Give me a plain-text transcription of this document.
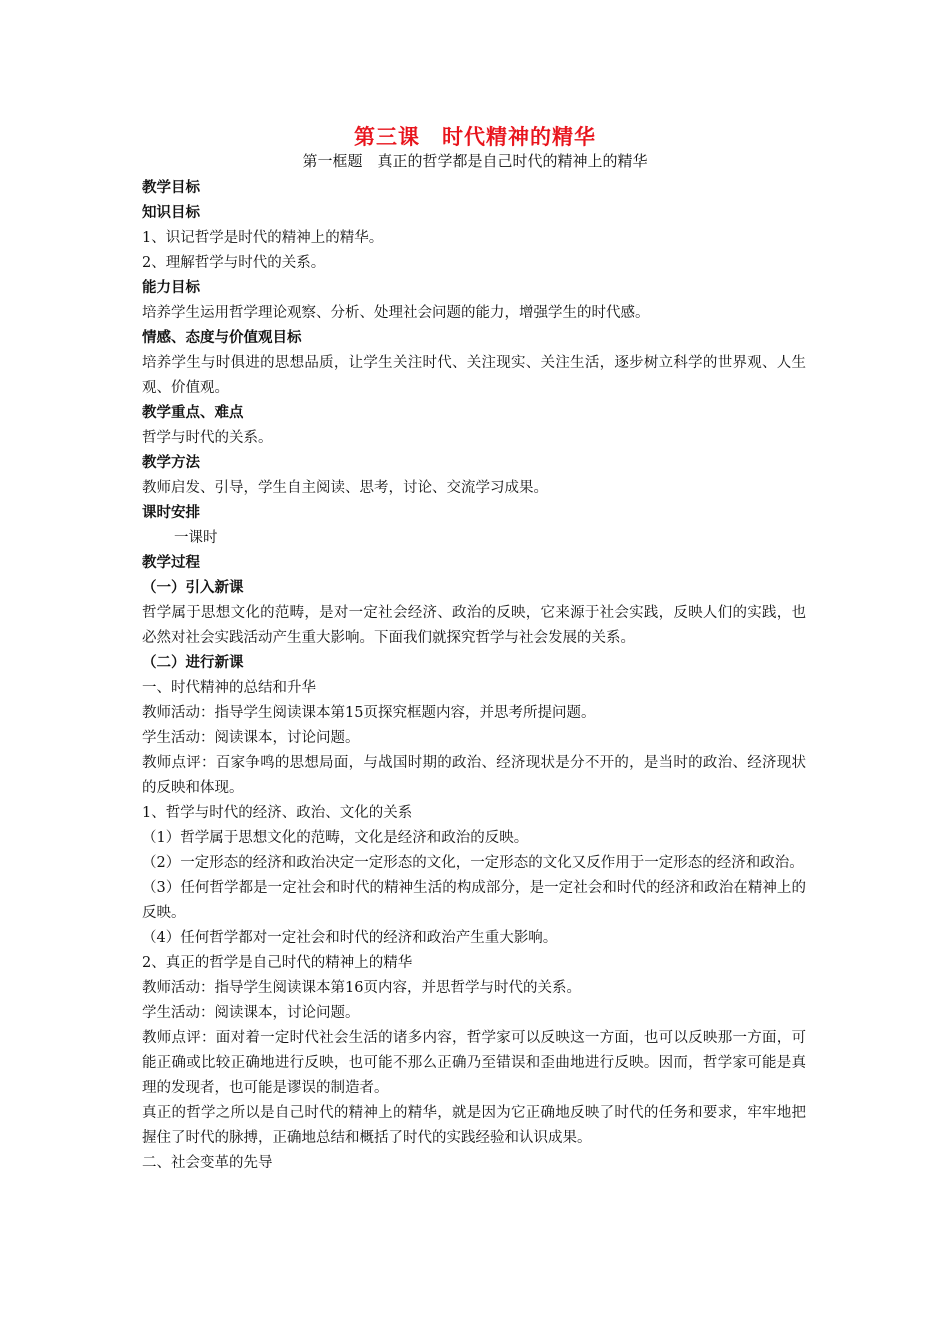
第三课　时代精神的精华
第一框题　真正的哲学都是自己时代的精神上的精华
教学目标
知识目标
1、识记哲学是时代的精神上的精华。
2、理解哲学与时代的关系。
能力目标
培养学生运用哲学理论观察、分析、处理社会问题的能力，增强学生的时代感。
情感、态度与价值观目标
培养学生与时俱进的思想品质，让学生关注时代、关注现实、关注生活，逐步树立科学的世界观、人生观、价值观。
教学重点、难点
哲学与时代的关系。
教学方法
教师启发、引导，学生自主阅读、思考，讨论、交流学习成果。
课时安排
一课时
教学过程
（一）引入新课
哲学属于思想文化的范畴，是对一定社会经济、政治的反映，它来源于社会实践，反映人们的实践，也必然对社会实践活动产生重大影响。下面我们就探究哲学与社会发展的关系。
（二）进行新课
一、时代精神的总结和升华
教师活动：指导学生阅读课本第15页探究框题内容，并思考所提问题。
学生活动：阅读课本，讨论问题。
教师点评：百家争鸣的思想局面，与战国时期的政治、经济现状是分不开的，是当时的政治、经济现状的反映和体现。
1、哲学与时代的经济、政治、文化的关系
（1）哲学属于思想文化的范畴，文化是经济和政治的反映。
（2）一定形态的经济和政治决定一定形态的文化，一定形态的文化又反作用于一定形态的经济和政治。
（3）任何哲学都是一定社会和时代的精神生活的构成部分，是一定社会和时代的经济和政治在精神上的反映。
（4）任何哲学都对一定社会和时代的经济和政治产生重大影响。
2、真正的哲学是自己时代的精神上的精华
教师活动：指导学生阅读课本第16页内容，并思哲学与时代的关系。
学生活动：阅读课本，讨论问题。
教师点评：面对着一定时代社会生活的诸多内容，哲学家可以反映这一方面，也可以反映那一方面，可能正确或比较正确地进行反映，也可能不那么正确乃至错误和歪曲地进行反映。因而，哲学家可能是真理的发现者，也可能是谬误的制造者。
真正的哲学之所以是自己时代的精神上的精华，就是因为它正确地反映了时代的任务和要求，牢牢地把握住了时代的脉搏，正确地总结和概括了时代的实践经验和认识成果。
二、社会变革的先导
